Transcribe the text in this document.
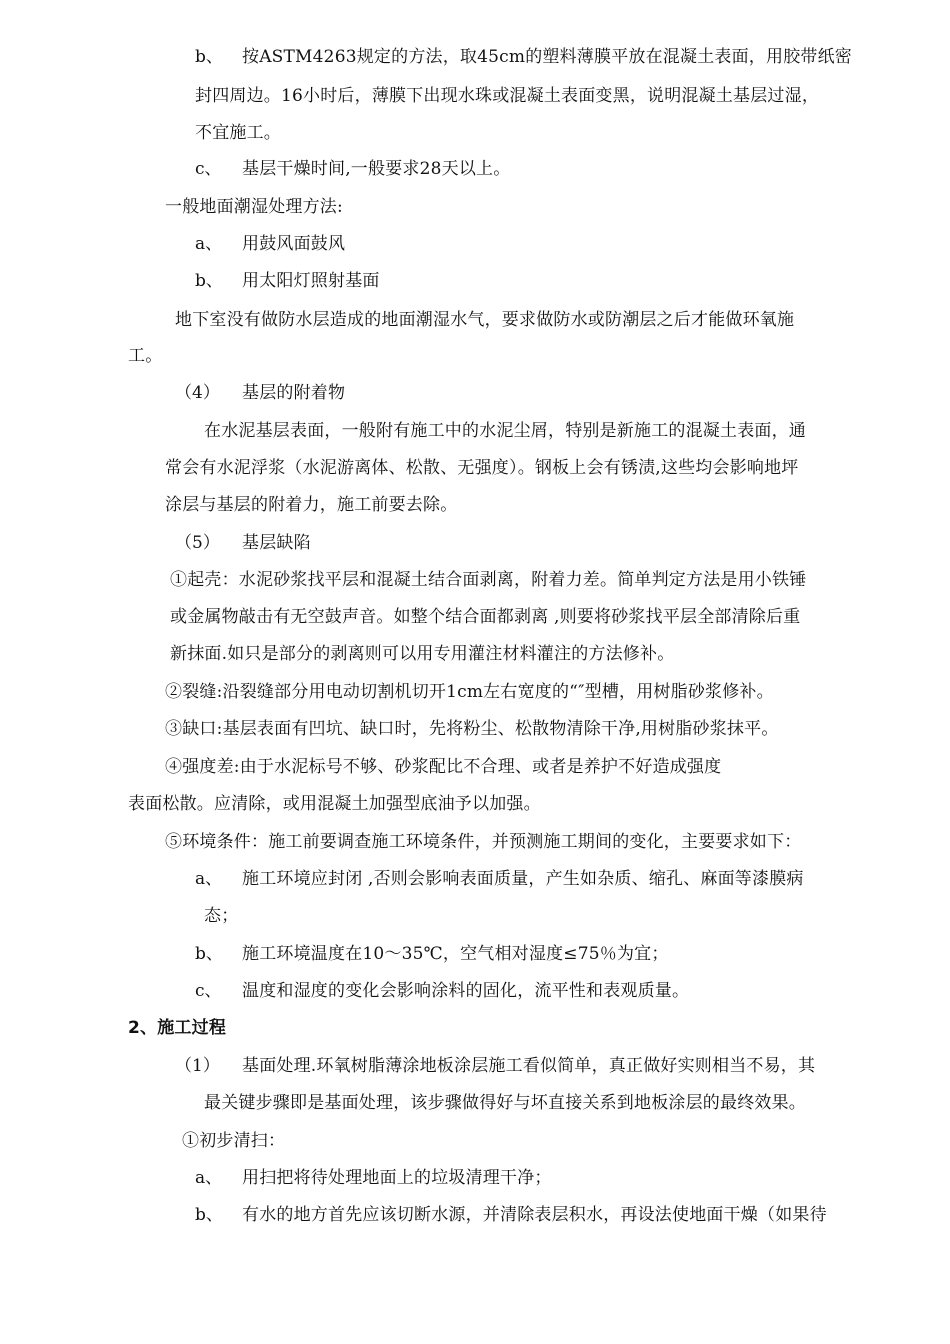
b、 按ASTM4263规定的方法，取45cm的塑料薄膜平放在混凝土表面，用胶带纸密
封四周边。16小时后，薄膜下出现水珠或混凝土表面变黑，说明混凝土基层过湿，
不宜施工。
c、 基层干燥时间,一般要求28天以上。
一般地面潮湿处理方法:
a、 用鼓风面鼓风
b、 用太阳灯照射基面
地下室没有做防水层造成的地面潮湿水气，要求做防水或防潮层之后才能做环氧施
工。
（4） 基层的附着物
在水泥基层表面，一般附有施工中的水泥尘屑，特别是新施工的混凝土表面，通
常会有水泥浮浆（水泥游离体、松散、无强度）。钢板上会有锈渍,这些均会影响地坪
涂层与基层的附着力，施工前要去除。
（5） 基层缺陷
①起壳：水泥砂浆找平层和混凝土结合面剥离，附着力差。简单判定方法是用小铁锤
或金属物敲击有无空鼓声音。如整个结合面都剥离 ,则要将砂浆找平层全部清除后重
新抹面.如只是部分的剥离则可以用专用灌注材料灌注的方法修补。
②裂缝:沿裂缝部分用电动切割机切开1cm左右宽度的“″型槽，用树脂砂浆修补。
③缺口:基层表面有凹坑、缺口时，先将粉尘、松散物清除干净,用树脂砂浆抹平。
④强度差:由于水泥标号不够、砂浆配比不合理、或者是养护不好造成强度
表面松散。应清除，或用混凝土加强型底油予以加强。
⑤环境条件：施工前要调查施工环境条件，并预测施工期间的变化，主要要求如下：
a、 施工环境应封闭 ,否则会影响表面质量，产生如杂质、缩孔、麻面等漆膜病
态；
b、 施工环境温度在10～35℃，空气相对湿度≤75％为宜；
c、 温度和湿度的变化会影响涂料的固化，流平性和表观质量。
2、施工过程
（1） 基面处理.环氧树脂薄涂地板涂层施工看似简单，真正做好实则相当不易，其
最关键步骤即是基面处理，该步骤做得好与坏直接关系到地板涂层的最终效果。
①初步清扫：
a、 用扫把将待处理地面上的垃圾清理干净；
b、 有水的地方首先应该切断水源，并清除表层积水，再设法使地面干燥（如果待
